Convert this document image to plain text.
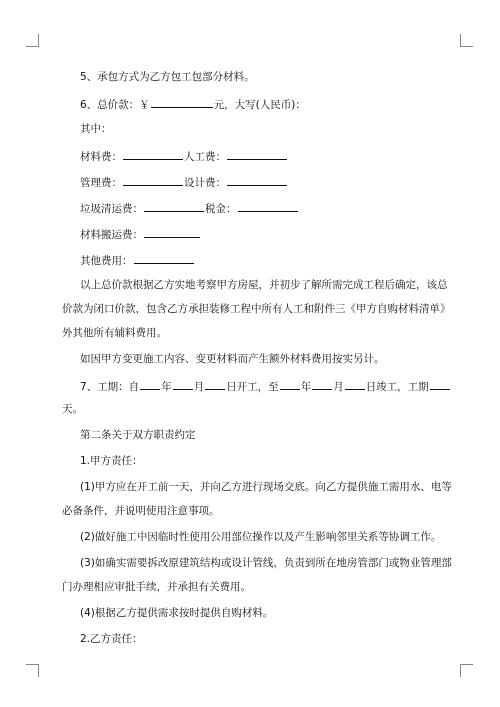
5、承包方式为乙方包工包部分材料。
6、总价款：￥	元，大写(人民币)：
其中：
材料费：	人工费：
管理费：	设计费：
垃圾清运费：	税金：
材料搬运费：
其他费用：
以上总价款根据乙方实地考察甲方房屋，并初步了解所需完成工程后确定，该总
价款为闭口价款，包含乙方承担装修工程中所有人工和附件三《甲方自购材料清单》
外其他所有辅料费用。
如因甲方变更施工内容、变更材料而产生额外材料费用按实另计。
7、工期：自 年 月 日开工，至 年 月 日竣工，工期
天。
第二条关于双方职责约定
1.甲方责任：
(1)甲方应在开工前一天，并向乙方进行现场交底。向乙方提供施工需用水、电等
必备条件，并说明使用注意事项。
(2)做好施工中因临时性使用公用部位操作以及产生影响邻里关系等协调工作。
(3)如确实需要拆改原建筑结构或设计管线，负责到所在地房管部门或物业管理部
门办理相应审批手续，并承担有关费用。
(4)根据乙方提供需求按时提供自购材料。
2.乙方责任：
